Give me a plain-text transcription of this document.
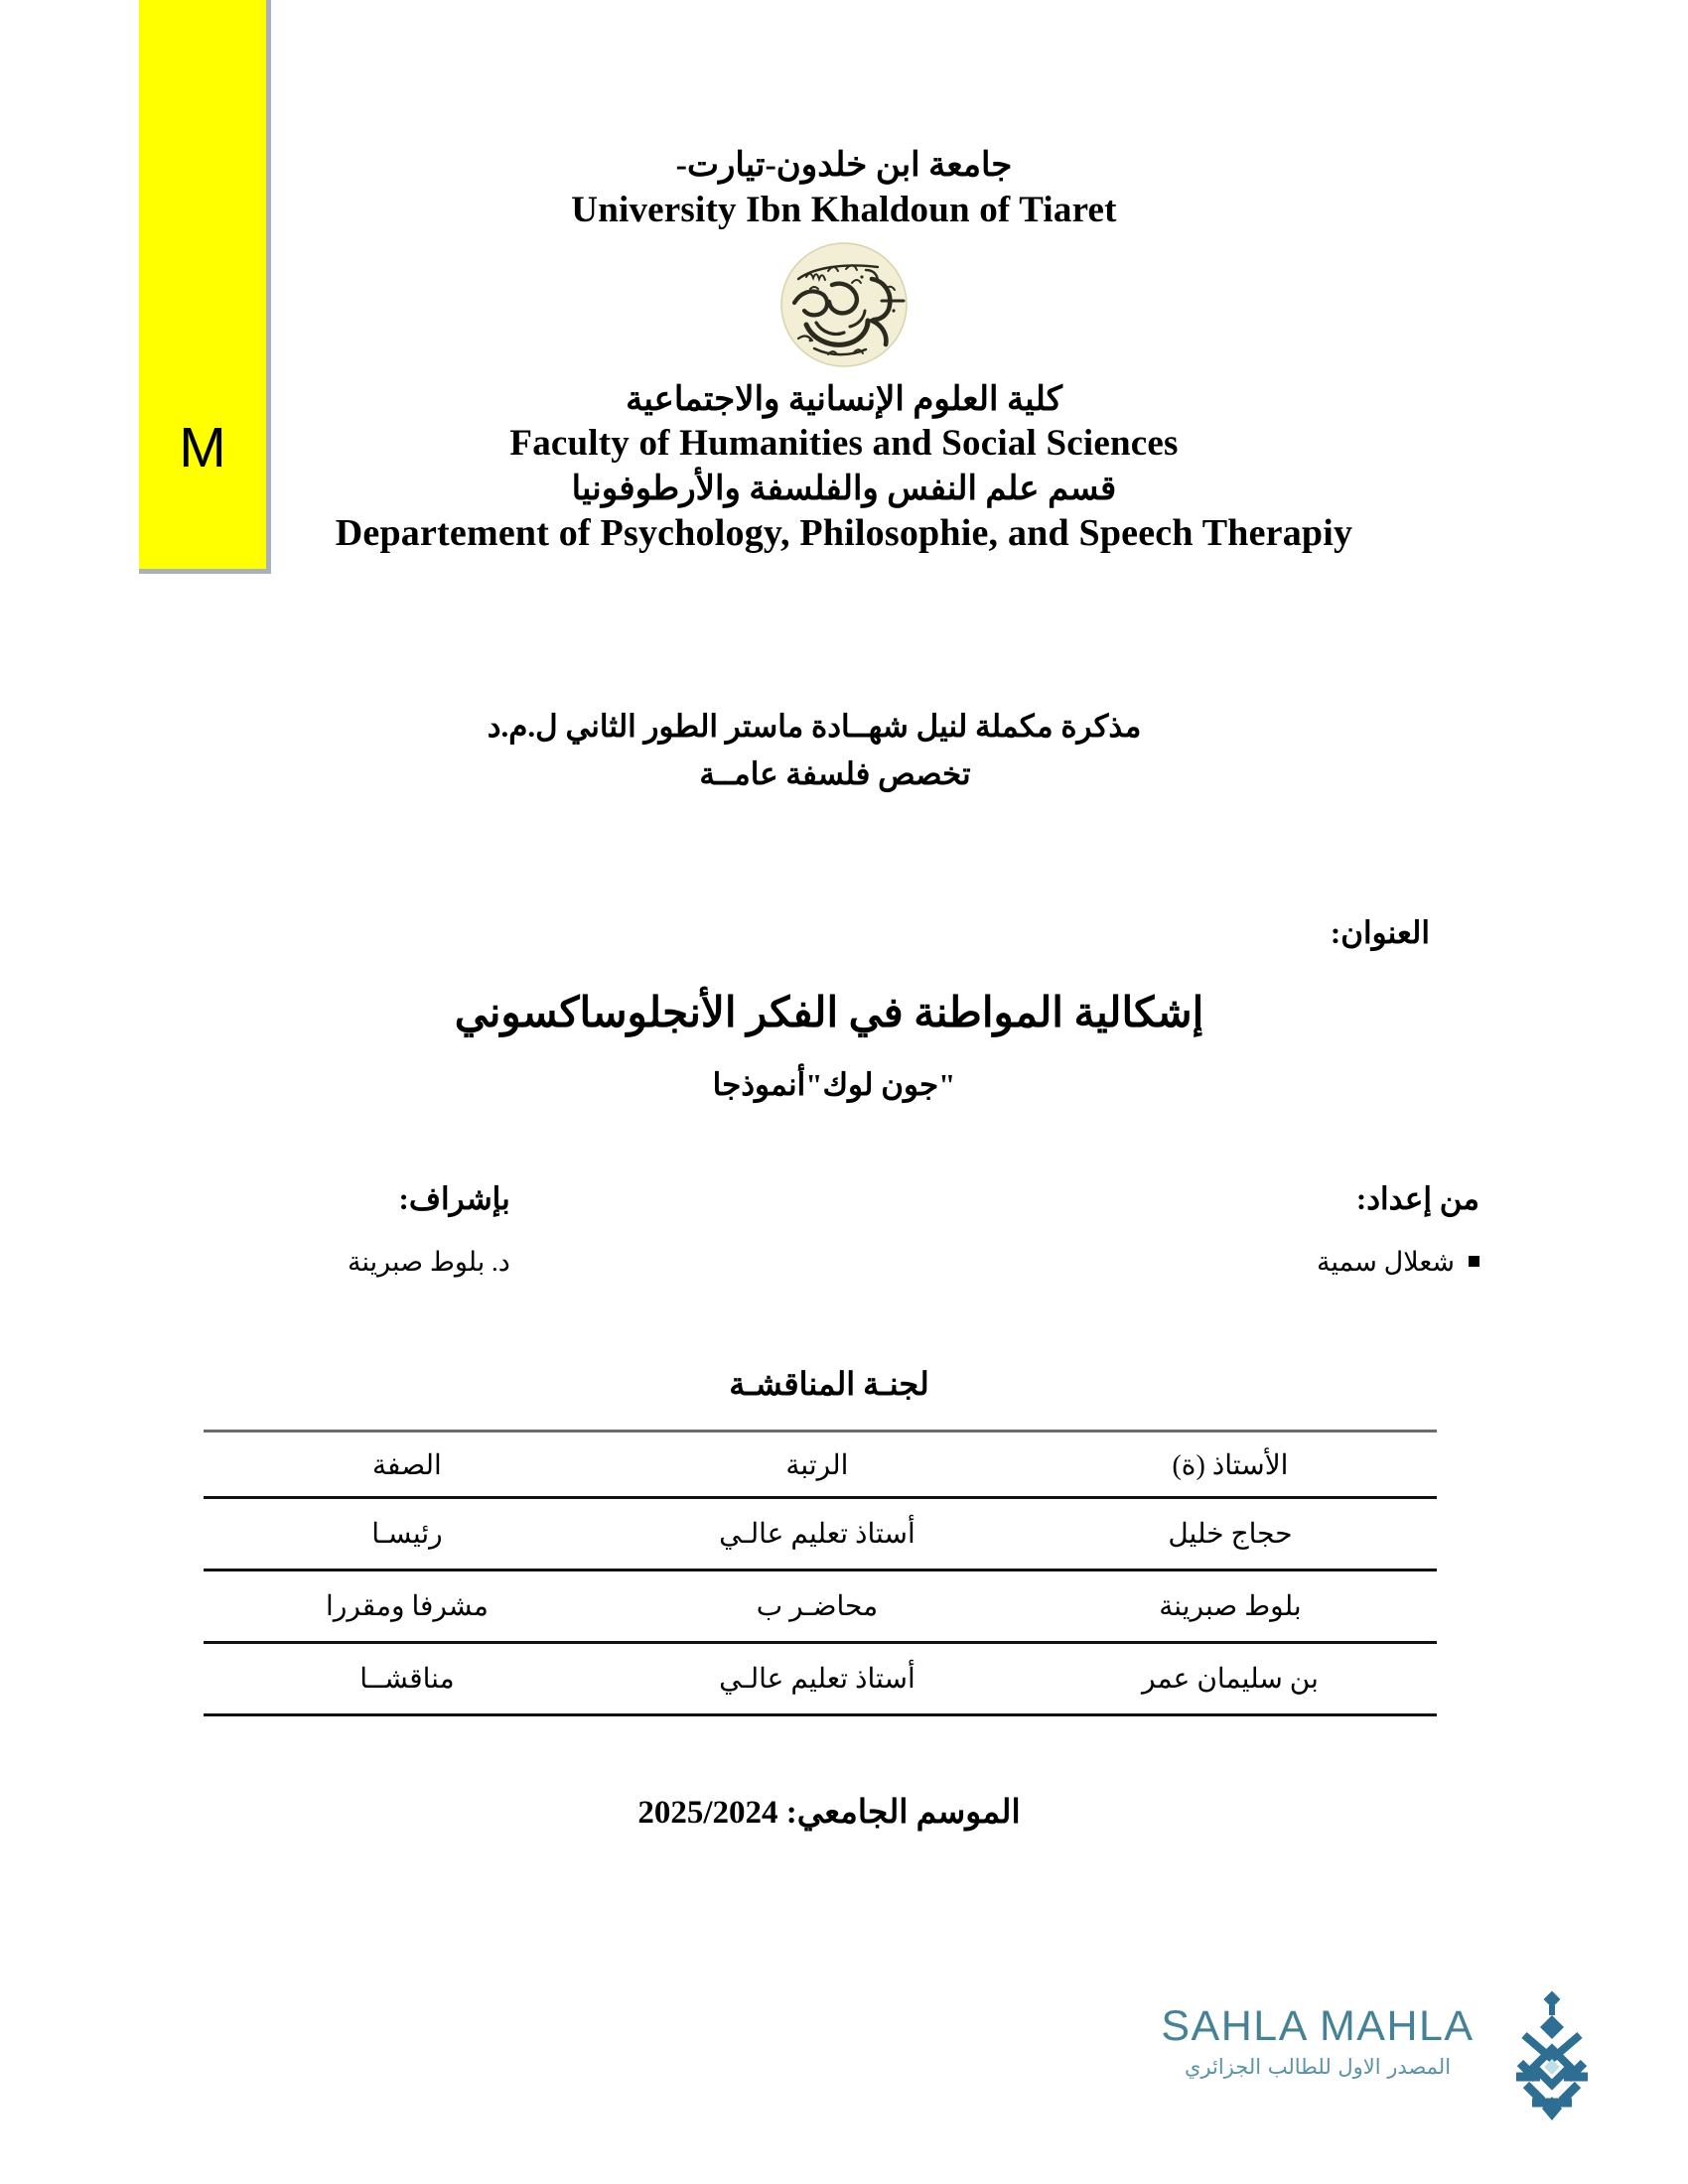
M
جامعة ابن خلدون-تيارت-
University Ibn Khaldoun of Tiaret
كلية العلوم الإنسانية والاجتماعية
Faculty of Humanities and Social Sciences
قسم علم النفس والفلسفة والأرطوفونيا
Departement of Psychology, Philosophie, and Speech Therapiy
مذكرة مكملة لنيل شهــادة ماستر الطور الثاني ل.م.د
تخصص فلسفة عامــة
العنوان:
إشكالية المواطنة في الفكر الأنجلوساكسوني
"جون لوك"أنموذجا
من إعداد:
شعلال سمية
بإشراف:
د. بلوط صبرينة
لجنـة المناقشـة
الأستاذ (ة)	الرتبة	الصفة
حجاج خليل	أستاذ تعليم عالـي	رئيسـا
بلوط صبرينة	محاضـر ب	مشرفا ومقررا
بن سليمان عمر	أستاذ تعليم عالـي	مناقشــا
الموسم الجامعي: 2025/2024
SAHLA MAHLA
المصدر الاول للطالب الجزائري
